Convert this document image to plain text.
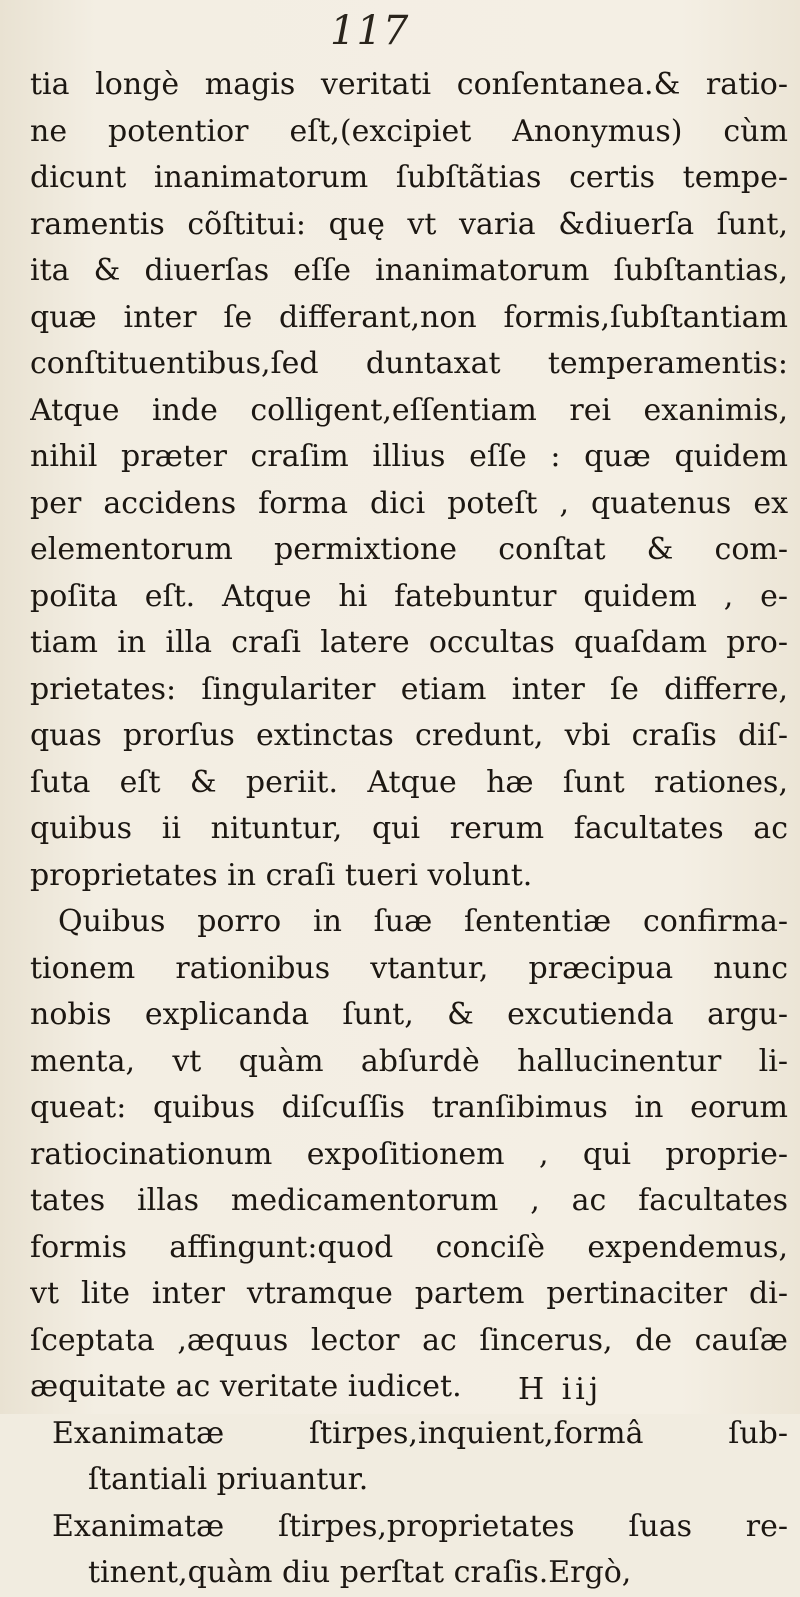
117
tia longè magis veritati conſentanea.& ratio-
ne potentior eſt,(excipiet Anonymus) cùm
dicunt inanimatorum ſubſtãtias certis tempe-
ramentis cõſtitui: quę vt varia &diuerſa ſunt,
ita & diuerſas eſſe inanimatorum ſubſtantias,
quæ inter ſe differant,non formis,ſubſtantiam
conſtituentibus,ſed duntaxat temperamentis:
Atque inde colligent,eſſentiam rei exanimis,
nihil præter craſim illius eſſe : quæ quidem
per accidens forma dici poteſt , quatenus ex
elementorum permixtione conſtat & com-
poſita eſt. Atque hi fatebuntur quidem , e-
tiam in illa craſi latere occultas quaſdam pro-
prietates: ſingulariter etiam inter ſe differre,
quas prorſus extinctas credunt, vbi craſis diſ-
ſuta eſt & periit. Atque hæ ſunt rationes,
quibus ii nituntur, qui rerum facultates ac
proprietates in craſi tueri volunt.
Quibus porro in ſuæ ſententiæ confirma-
tionem rationibus vtantur, præcipua nunc
nobis explicanda ſunt, & excutienda argu-
menta, vt quàm abſurdè hallucinentur li-
queat: quibus diſcuſſis tranſibimus in eorum
ratiocinationum expoſitionem , qui proprie-
tates illas medicamentorum , ac facultates
formis affingunt:quod conciſè expendemus,
vt lite inter vtramque partem pertinaciter di-
ſceptata ,æquus lector ac ſincerus, de cauſæ
æquitate ac veritate iudicet.
Exanimatæ ſtirpes,inquient,formâ ſub-
ſtantiali priuantur.
Exanimatæ ſtirpes,proprietates ſuas re-
tinent,quàm diu perſtat craſis.Ergò,
H iij
